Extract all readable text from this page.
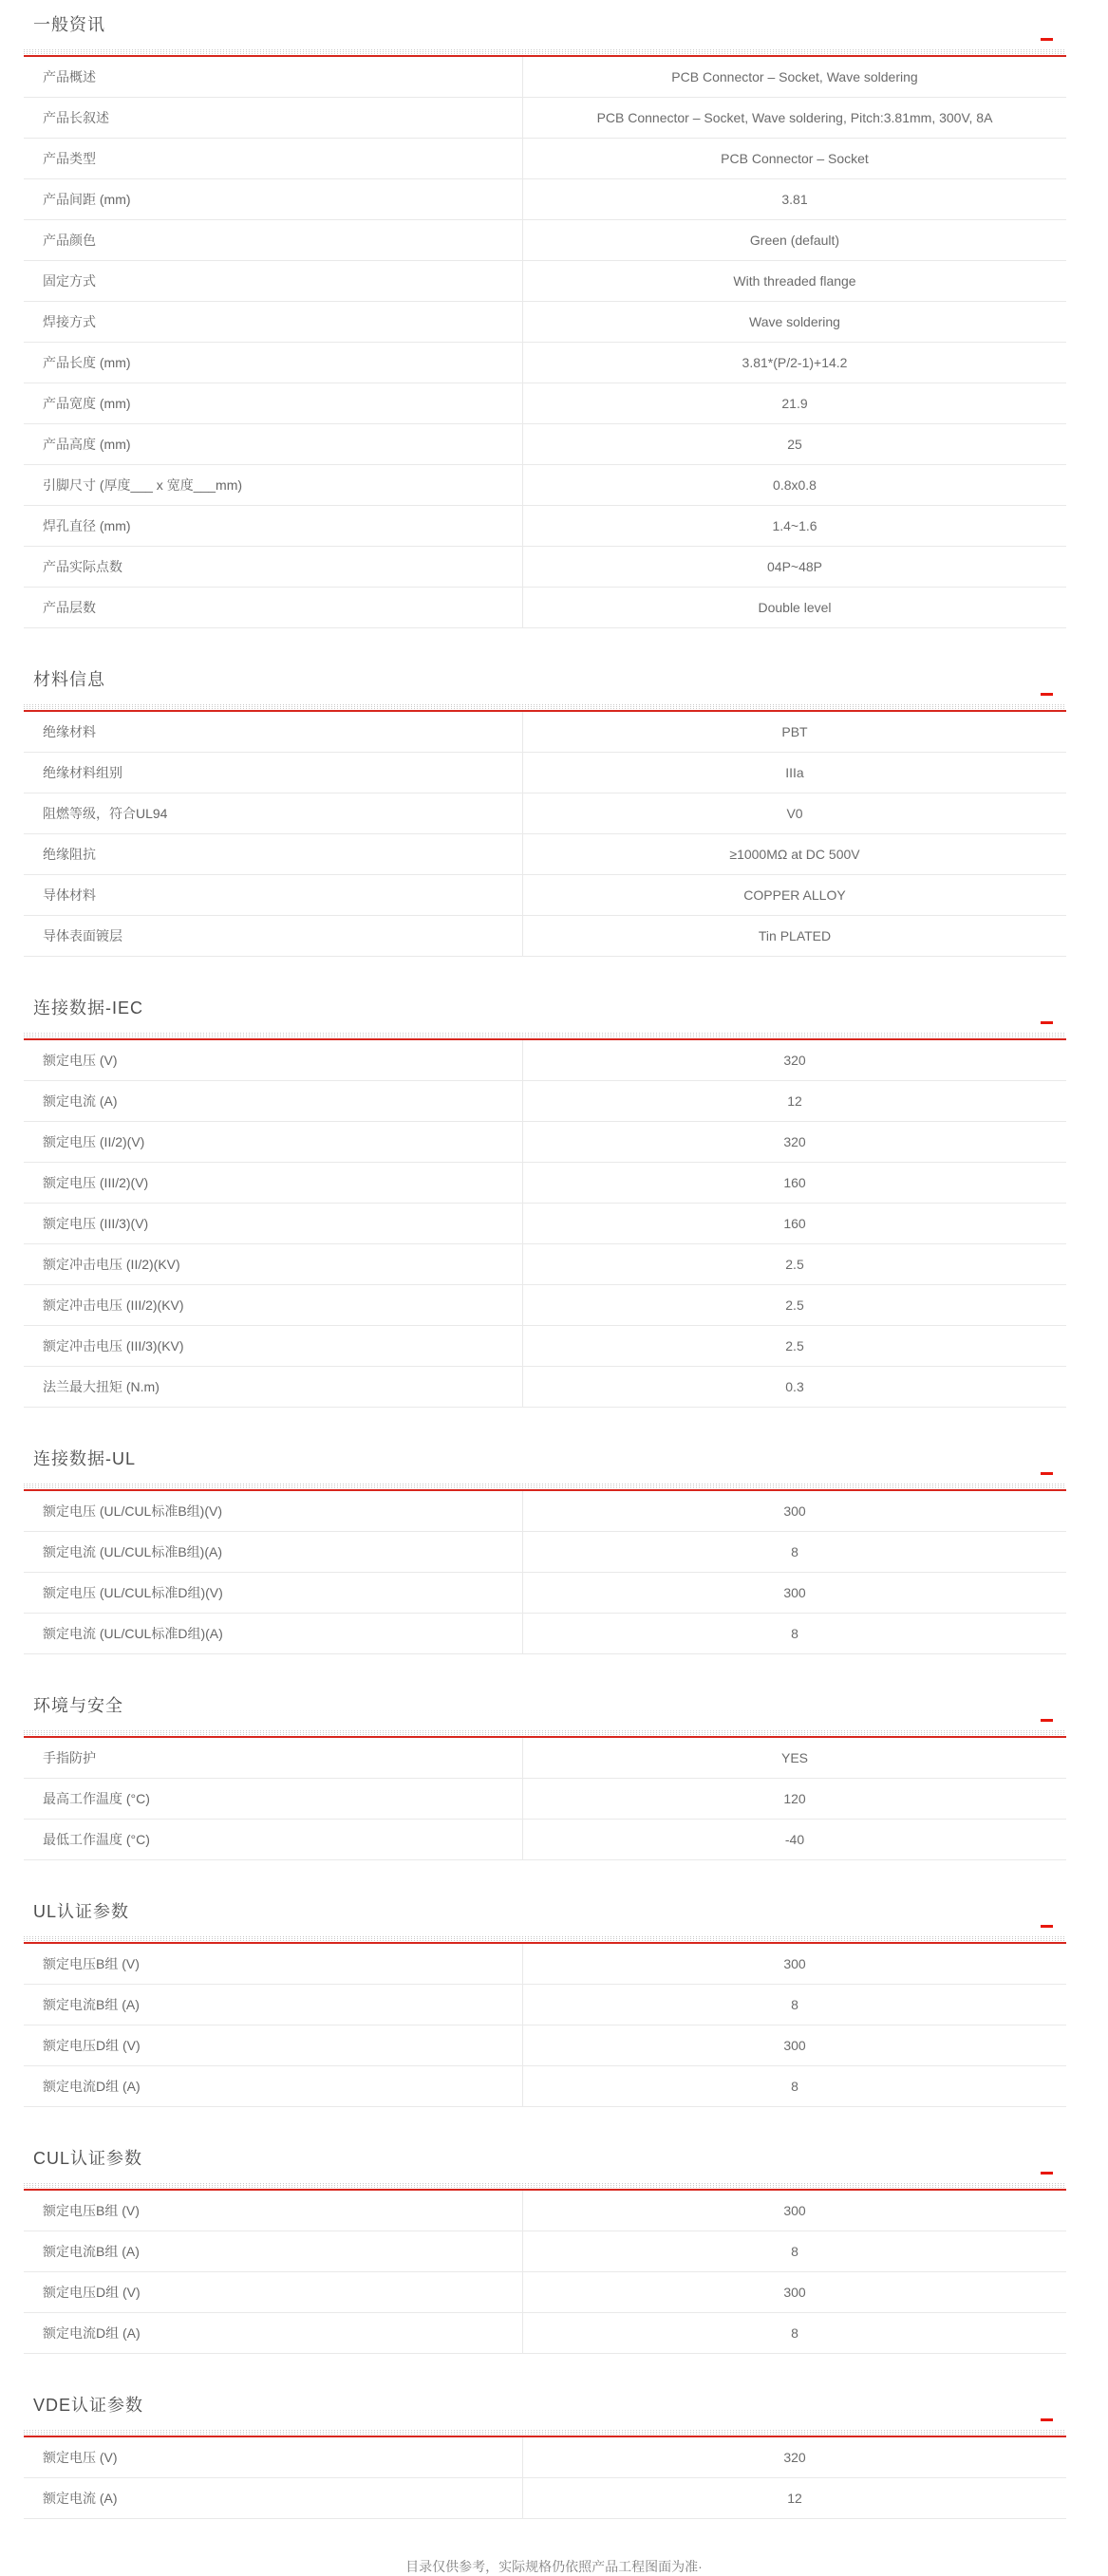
一般资讯
产品概述	PCB Connector – Socket, Wave soldering
产品长叙述	PCB Connector – Socket, Wave soldering, Pitch:3.81mm, 300V, 8A
产品类型	PCB Connector – Socket
产品间距 (mm)	3.81
产品颜色	Green (default)
固定方式	With threaded flange
焊接方式	Wave soldering
产品长度 (mm)	3.81*(P/2-1)+14.2
产品宽度 (mm)	21.9
产品高度 (mm)	25
引脚尺寸 (厚度___ x 宽度___mm)	0.8x0.8
焊孔直径 (mm)	1.4~1.6
产品实际点数	04P~48P
产品层数	Double level
材料信息
绝缘材料	PBT
绝缘材料组别	IIIa
阻燃等级，符合UL94	V0
绝缘阻抗	≥1000MΩ at DC 500V
导体材料	COPPER ALLOY
导体表面镀层	Tin PLATED
连接数据-IEC
额定电压 (V)	320
额定电流 (A)	12
额定电压 (II/2)(V)	320
额定电压 (III/2)(V)	160
额定电压 (III/3)(V)	160
额定冲击电压 (II/2)(KV)	2.5
额定冲击电压 (III/2)(KV)	2.5
额定冲击电压 (III/3)(KV)	2.5
法兰最大扭矩 (N.m)	0.3
连接数据-UL
额定电压 (UL/CUL标准B组)(V)	300
额定电流 (UL/CUL标准B组)(A)	8
额定电压 (UL/CUL标准D组)(V)	300
额定电流 (UL/CUL标准D组)(A)	8
环境与安全
手指防护	YES
最高工作温度 (°C)	120
最低工作温度 (°C)	-40
UL认证参数
额定电压B组 (V)	300
额定电流B组 (A)	8
额定电压D组 (V)	300
额定电流D组 (A)	8
CUL认证参数
额定电压B组 (V)	300
额定电流B组 (A)	8
额定电压D组 (V)	300
额定电流D组 (A)	8
VDE认证参数
额定电压 (V)	320
额定电流 (A)	12
目录仅供参考，实际规格仍依照产品工程图面为准·
